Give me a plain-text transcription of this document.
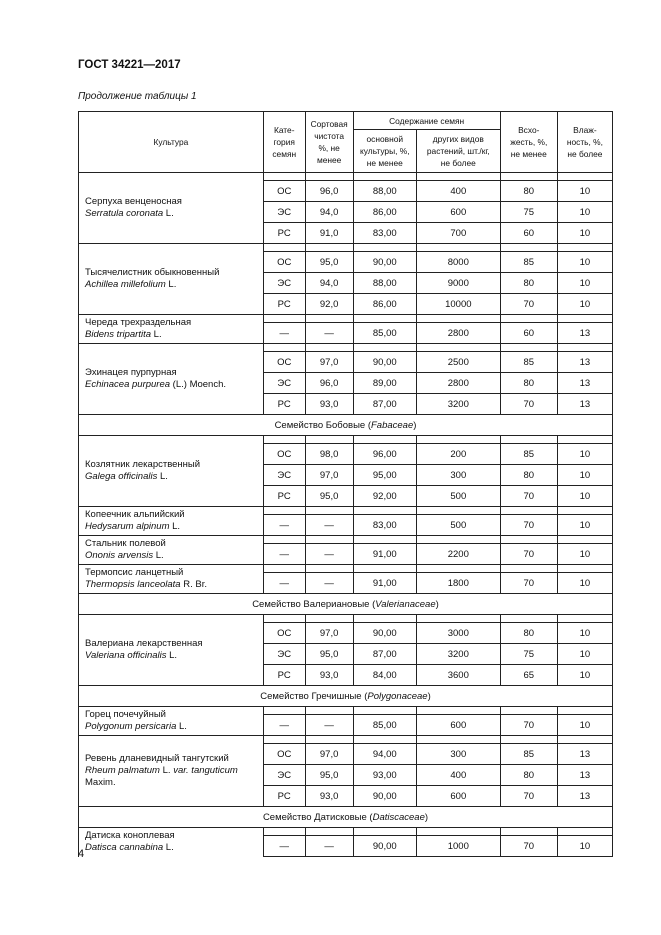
ГОСТ 34221—2017
Продолжение таблицы 1
Культура	Кате-
гория
семян	Сортовая
чистота
%, не
менее	Содержание семян		Всхо-
жесть, %,
не менее	Влаж-
ность, %,
не более
			основной
культуры, %,
не менее	других видов
растений, шт./кг,
не более		
Серпуха венценосная
Serratula coronata L.						
	ОС	96,0	88,00	400	80	10
	ЭС	94,0	86,00	600	75	10
	РС	91,0	83,00	700	60	10
Тысячелистник обыкновенный
Achillea millefolium L.						
	ОС	95,0	90,00	8000	85	10
	ЭС	94,0	88,00	9000	80	10
	РС	92,0	86,00	10000	70	10
Череда трехраздельная
Bidens tripartita L.						
	—	—	85,00	2800	60	13
Эхинацея пурпурная
Echinacea purpurea (L.) Moench.						
	ОС	97,0	90,00	2500	85	13
	ЭС	96,0	89,00	2800	80	13
	РС	93,0	87,00	3200	70	13
Семейство Бобовые (Fabaceae)						
Козлятник лекарственный
Galega officinalis L.						
	ОС	98,0	96,00	200	85	10
	ЭС	97,0	95,00	300	80	10
	РС	95,0	92,00	500	70	10
Копеечник альпийский
Hedysarum alpinum L.						
	—	—	83,00	500	70	10
Стальник полевой
Ononis arvensis L.						
	—	—	91,00	2200	70	10
Термопсис ланцетный
Thermopsis lanceolata R. Br.						
	—	—	91,00	1800	70	10
Семейство Валериановые (Valerianaceae)						
Валериана лекарственная
Valeriana officinalis L.						
	ОС	97,0	90,00	3000	80	10
	ЭС	95,0	87,00	3200	75	10
	РС	93,0	84,00	3600	65	10
Семейство Гречишные (Polygonaceae)						
Горец почечуйный
Polygonum persicaria L.						
	—	—	85,00	600	70	10
Ревень дланевидный тангутский
Rheum palmatum L. var. tanguticum
Maxim.						
	ОС	97,0	94,00	300	85	13
	ЭС	95,0	93,00	400	80	13
	РС	93,0	90,00	600	70	13
Семейство Датисковые (Datiscaceae)						
Датиска коноплевая
Datisca cannabina L.						
	—	—	90,00	1000	70	10
4
